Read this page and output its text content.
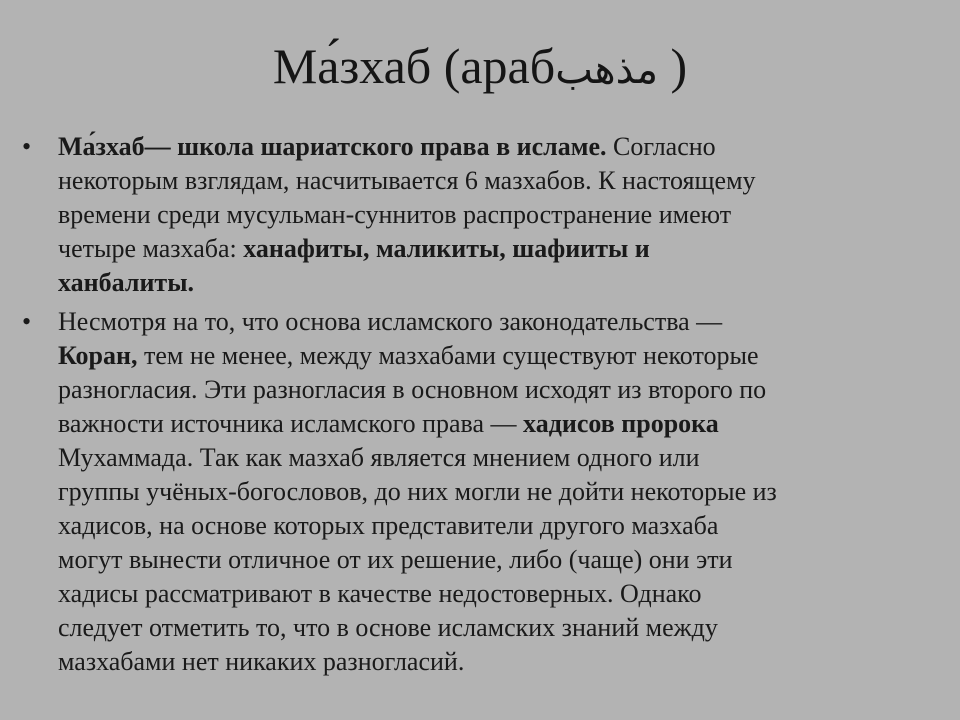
Ма́зхаб (арабمذهب )
• Ма́зхаб— школа шариатского права в исламе. Согласно
некоторым взглядам, насчитывается 6 мазхабов. К настоящему
времени среди мусульман-суннитов распространение имеют
четыре мазхаба: ханафиты, маликиты, шафииты и
ханбалиты.
• Несмотря на то, что основа исламского законодательства —
Коран, тем не менее, между мазхабами существуют некоторые
разногласия. Эти разногласия в основном исходят из второго по
важности источника исламского права — хадисов пророка
Мухаммада. Так как мазхаб является мнением одного или
группы учёных-богословов, до них могли не дойти некоторые из
хадисов, на основе которых представители другого мазхаба
могут вынести отличное от их решение, либо (чаще) они эти
хадисы рассматривают в качестве недостоверных. Однако
следует отметить то, что в основе исламских знаний между
мазхабами нет никаких разногласий.
